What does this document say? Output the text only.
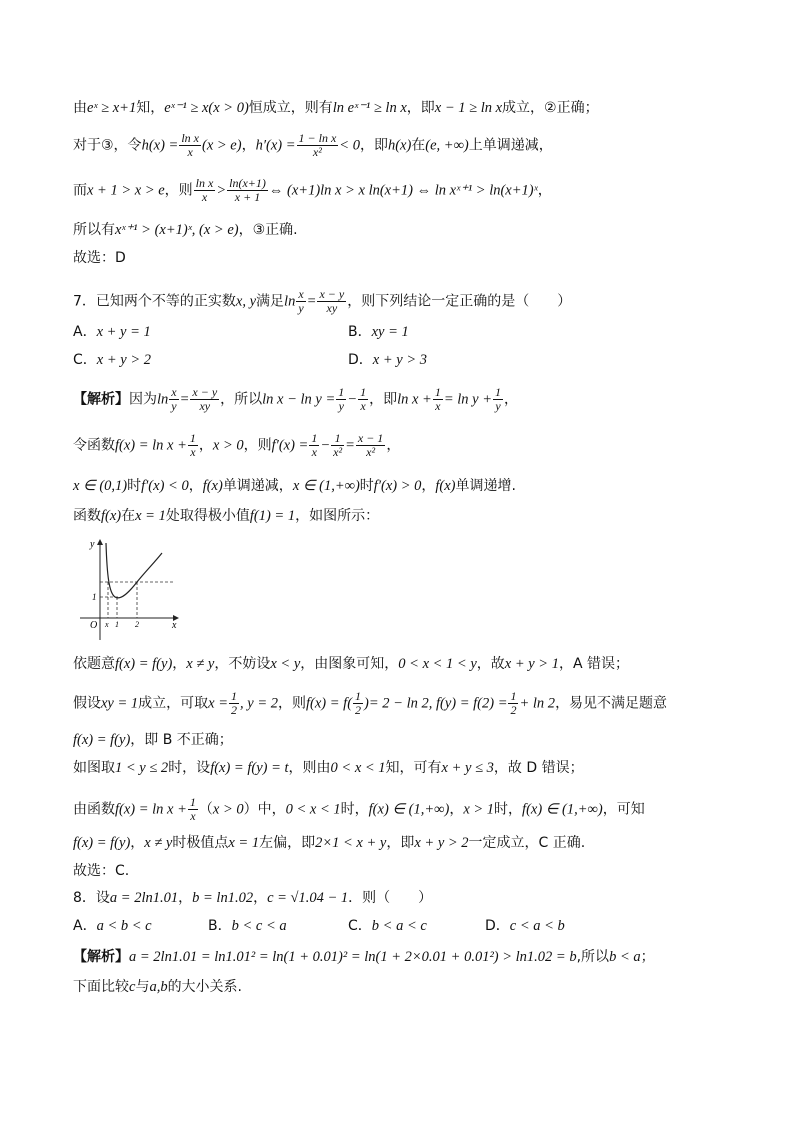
由eˣ ≥ x+1知，eˣ⁻¹ ≥ x(x > 0)恒成立，则有ln eˣ⁻¹ ≥ ln x，即x − 1 ≥ ln x成立，②正确；
对于③，令$h(x) = \frac{\text{ln x}}{x} (x > e)$，$h'(x) = \frac{\text{1 − ln x}}{\text{x²}} < 0$，即h(x)在(e, +∞)上单调递减，
而x + 1 > x > e，则 $\frac{\text{ln x}}{x} > \frac{\ln(x+1)}{x + 1}$ ⇔ (x+1)ln x > x ln(x+1) ⇔ ln xˣ⁺¹ > ln(x+1)ˣ，
所以有xˣ⁺¹ > (x+1)ˣ, (x > e)，③正确.
故选：D
7．已知两个不等的正实数x, y满足$\ln \frac{x}{y} = \frac{x - y}{xy}$ ，则下列结论一定正确的是（　　）
A．x + y = 1	B．xy = 1
C．x + y > 2	D．x + y > 3
【解析】因为$\ln \frac{x}{y} = \frac{x - y}{xy}$ ，所以$\ln x - \ln y = \frac{1}{y} - \frac{1}{x}$ ，即$\ln x + \frac{1}{x} = \ln y + \frac{1}{y}$ ，
令函数$f(x) = \ln x + \frac{1}{x}$ ，x > 0，则$f'(x) = \frac{1}{x} - \frac{1}{\text{x²}} = \frac{x - 1}{\text{x²}}$ ，
x ∈ (0,1)时f′(x) < 0，f(x)单调递减，x ∈ (1,+∞)时f′(x) > 0，f(x)单调递增.
函数f(x)在x = 1处取得极小值f(1) = 1，如图所示：
y
x
O
1
x 1 2
依题意f(x) = f(y)，x ≠ y，不妨设x < y，由图象可知，0 < x < 1 < y，故x + y > 1，A 错误；
假设xy = 1成立，可取$x = \frac{1}{2}$ , y = 2，则$f(x) = f( \frac{1}{2}$ )= 2 − ln 2, $f(y) = f(2) = \frac{1}{2} + \ln 2$，易见不满足题意
f(x) = f(y)，即 B 不正确；
如图取1 < y ≤ 2时，设f(x) = f(y) = t，则由0 < x < 1知，可有x + y ≤ 3，故 D 错误；
由函数$f(x) = \ln x + \frac{1}{x} (x > 0)$中，0 < x < 1时，f(x) ∈ (1,+∞)，x > 1时，f(x) ∈ (1,+∞)，可知
f(x) = f(y)，x ≠ y时极值点x = 1左偏，即2×1 < x + y，即x + y > 2一定成立，C 正确.
故选：C.
8．设a = 2ln1.01，b = ln1.02，c = √1.04 − 1．则（　　）
A．a < b < c	B．b < c < a	C．b < a < c	D．c < a < b
【解析】a = 2ln1.01 = ln1.01² = ln(1 + 0.01)² = ln(1 + 2×0.01 + 0.01²) > ln1.02 = b,所以b < a；
下面比较c与a,b的大小关系.
